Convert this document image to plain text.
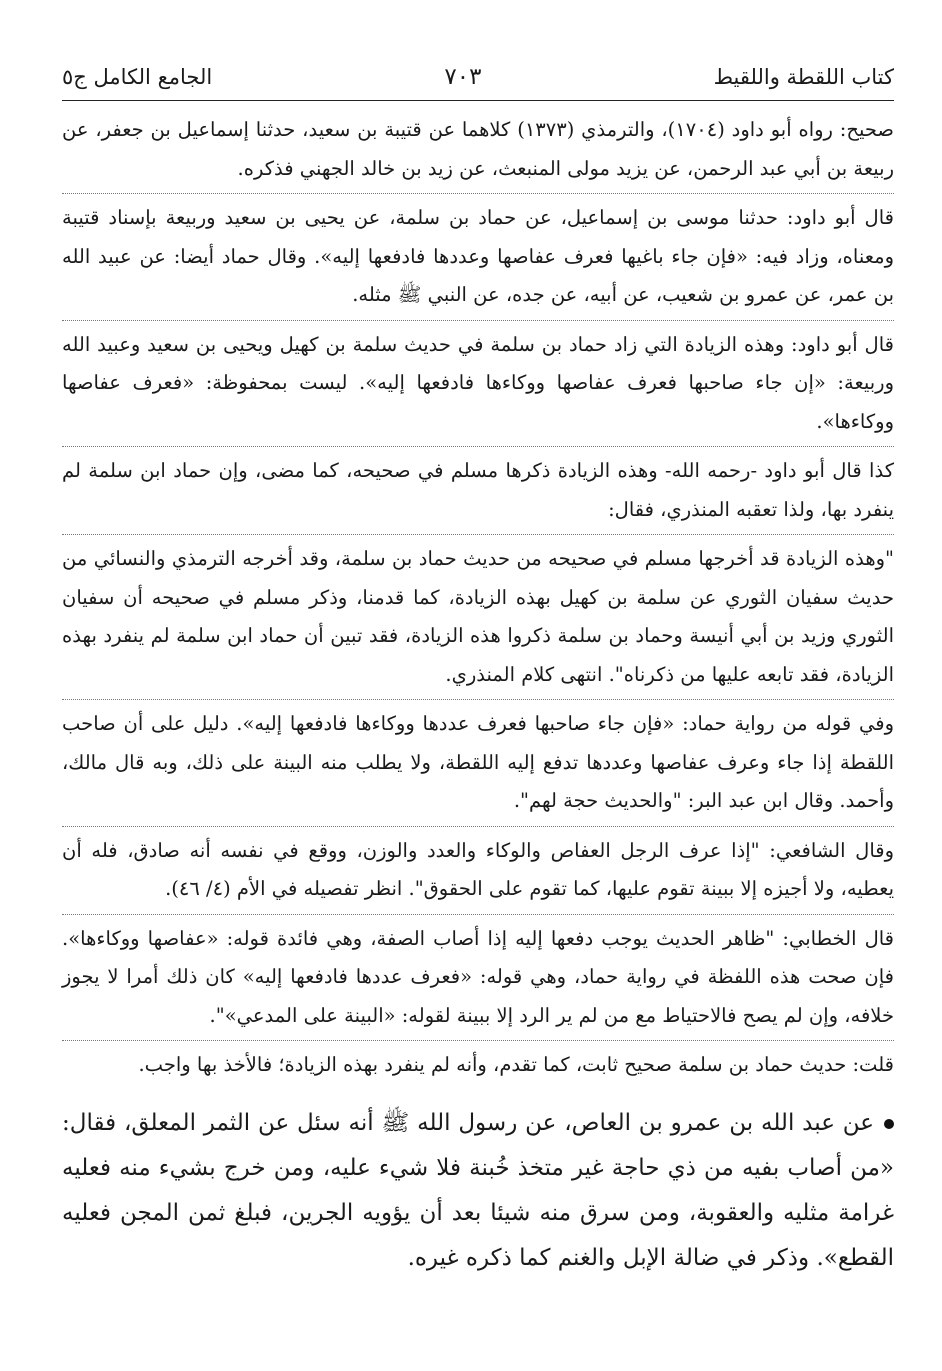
كتاب اللقطة واللقيط
٧٠٣
الجامع الكامل ج٥

صحيح: رواه أبو داود (١٧٠٤)، والترمذي (١٣٧٣) كلاهما عن قتيبة بن سعيد، حدثنا إسماعيل بن جعفر، عن ربيعة بن أبي عبد الرحمن، عن يزيد مولى المنبعث، عن زيد بن خالد الجهني فذكره.

قال أبو داود: حدثنا موسى بن إسماعيل، عن حماد بن سلمة، عن يحيى بن سعيد وربيعة بإسناد قتيبة ومعناه، وزاد فيه: «فإن جاء باغيها فعرف عفاصها وعددها فادفعها إليه». وقال حماد أيضا: عن عبيد الله بن عمر، عن عمرو بن شعيب، عن أبيه، عن جده، عن النبي ﷺ مثله.

قال أبو داود: وهذه الزيادة التي زاد حماد بن سلمة في حديث سلمة بن كهيل ويحيى بن سعيد وعبيد الله وربيعة: «إن جاء صاحبها فعرف عفاصها ووكاءها فادفعها إليه». ليست بمحفوظة: «فعرف عفاصها ووكاءها».

كذا قال أبو داود -رحمه الله- وهذه الزيادة ذكرها مسلم في صحيحه، كما مضى، وإن حماد ابن سلمة لم ينفرد بها، ولذا تعقبه المنذري، فقال:

"وهذه الزيادة قد أخرجها مسلم في صحيحه من حديث حماد بن سلمة، وقد أخرجه الترمذي والنسائي من حديث سفيان الثوري عن سلمة بن كهيل بهذه الزيادة، كما قدمنا، وذكر مسلم في صحيحه أن سفيان الثوري وزيد بن أبي أنيسة وحماد بن سلمة ذكروا هذه الزيادة، فقد تبين أن حماد ابن سلمة لم ينفرد بهذه الزيادة، فقد تابعه عليها من ذكرناه". انتهى كلام المنذري.

وفي قوله من رواية حماد: «فإن جاء صاحبها فعرف عددها ووكاءها فادفعها إليه». دليل على أن صاحب اللقطة إذا جاء وعرف عفاصها وعددها تدفع إليه اللقطة، ولا يطلب منه البينة على ذلك، وبه قال مالك، وأحمد. وقال ابن عبد البر: "والحديث حجة لهم".

وقال الشافعي: "إذا عرف الرجل العفاص والوكاء والعدد والوزن، ووقع في نفسه أنه صادق، فله أن يعطيه، ولا أجيزه إلا ببينة تقوم عليها، كما تقوم على الحقوق". انظر تفصيله في الأم (٤/ ٤٦).

قال الخطابي: "ظاهر الحديث يوجب دفعها إليه إذا أصاب الصفة، وهي فائدة قوله: «عفاصها ووكاءها». فإن صحت هذه اللفظة في رواية حماد، وهي قوله: «فعرف عددها فادفعها إليه» كان ذلك أمرا لا يجوز خلافه، وإن لم يصح فالاحتياط مع من لم ير الرد إلا ببينة لقوله: «البينة على المدعي»".

قلت: حديث حماد بن سلمة صحيح ثابت، كما تقدم، وأنه لم ينفرد بهذه الزيادة؛ فالأخذ بها واجب.

عن عبد الله بن عمرو بن العاص، عن رسول الله ﷺ أنه سئل عن الثمر المعلق، فقال: «من أصاب بفيه من ذي حاجة غير متخذ خُبنة فلا شيء عليه، ومن خرج بشيء منه فعليه غرامة مثليه والعقوبة، ومن سرق منه شيئا بعد أن يؤويه الجرين، فبلغ ثمن المجن فعليه القطع». وذكر في ضالة الإبل والغنم كما ذكره غيره.
